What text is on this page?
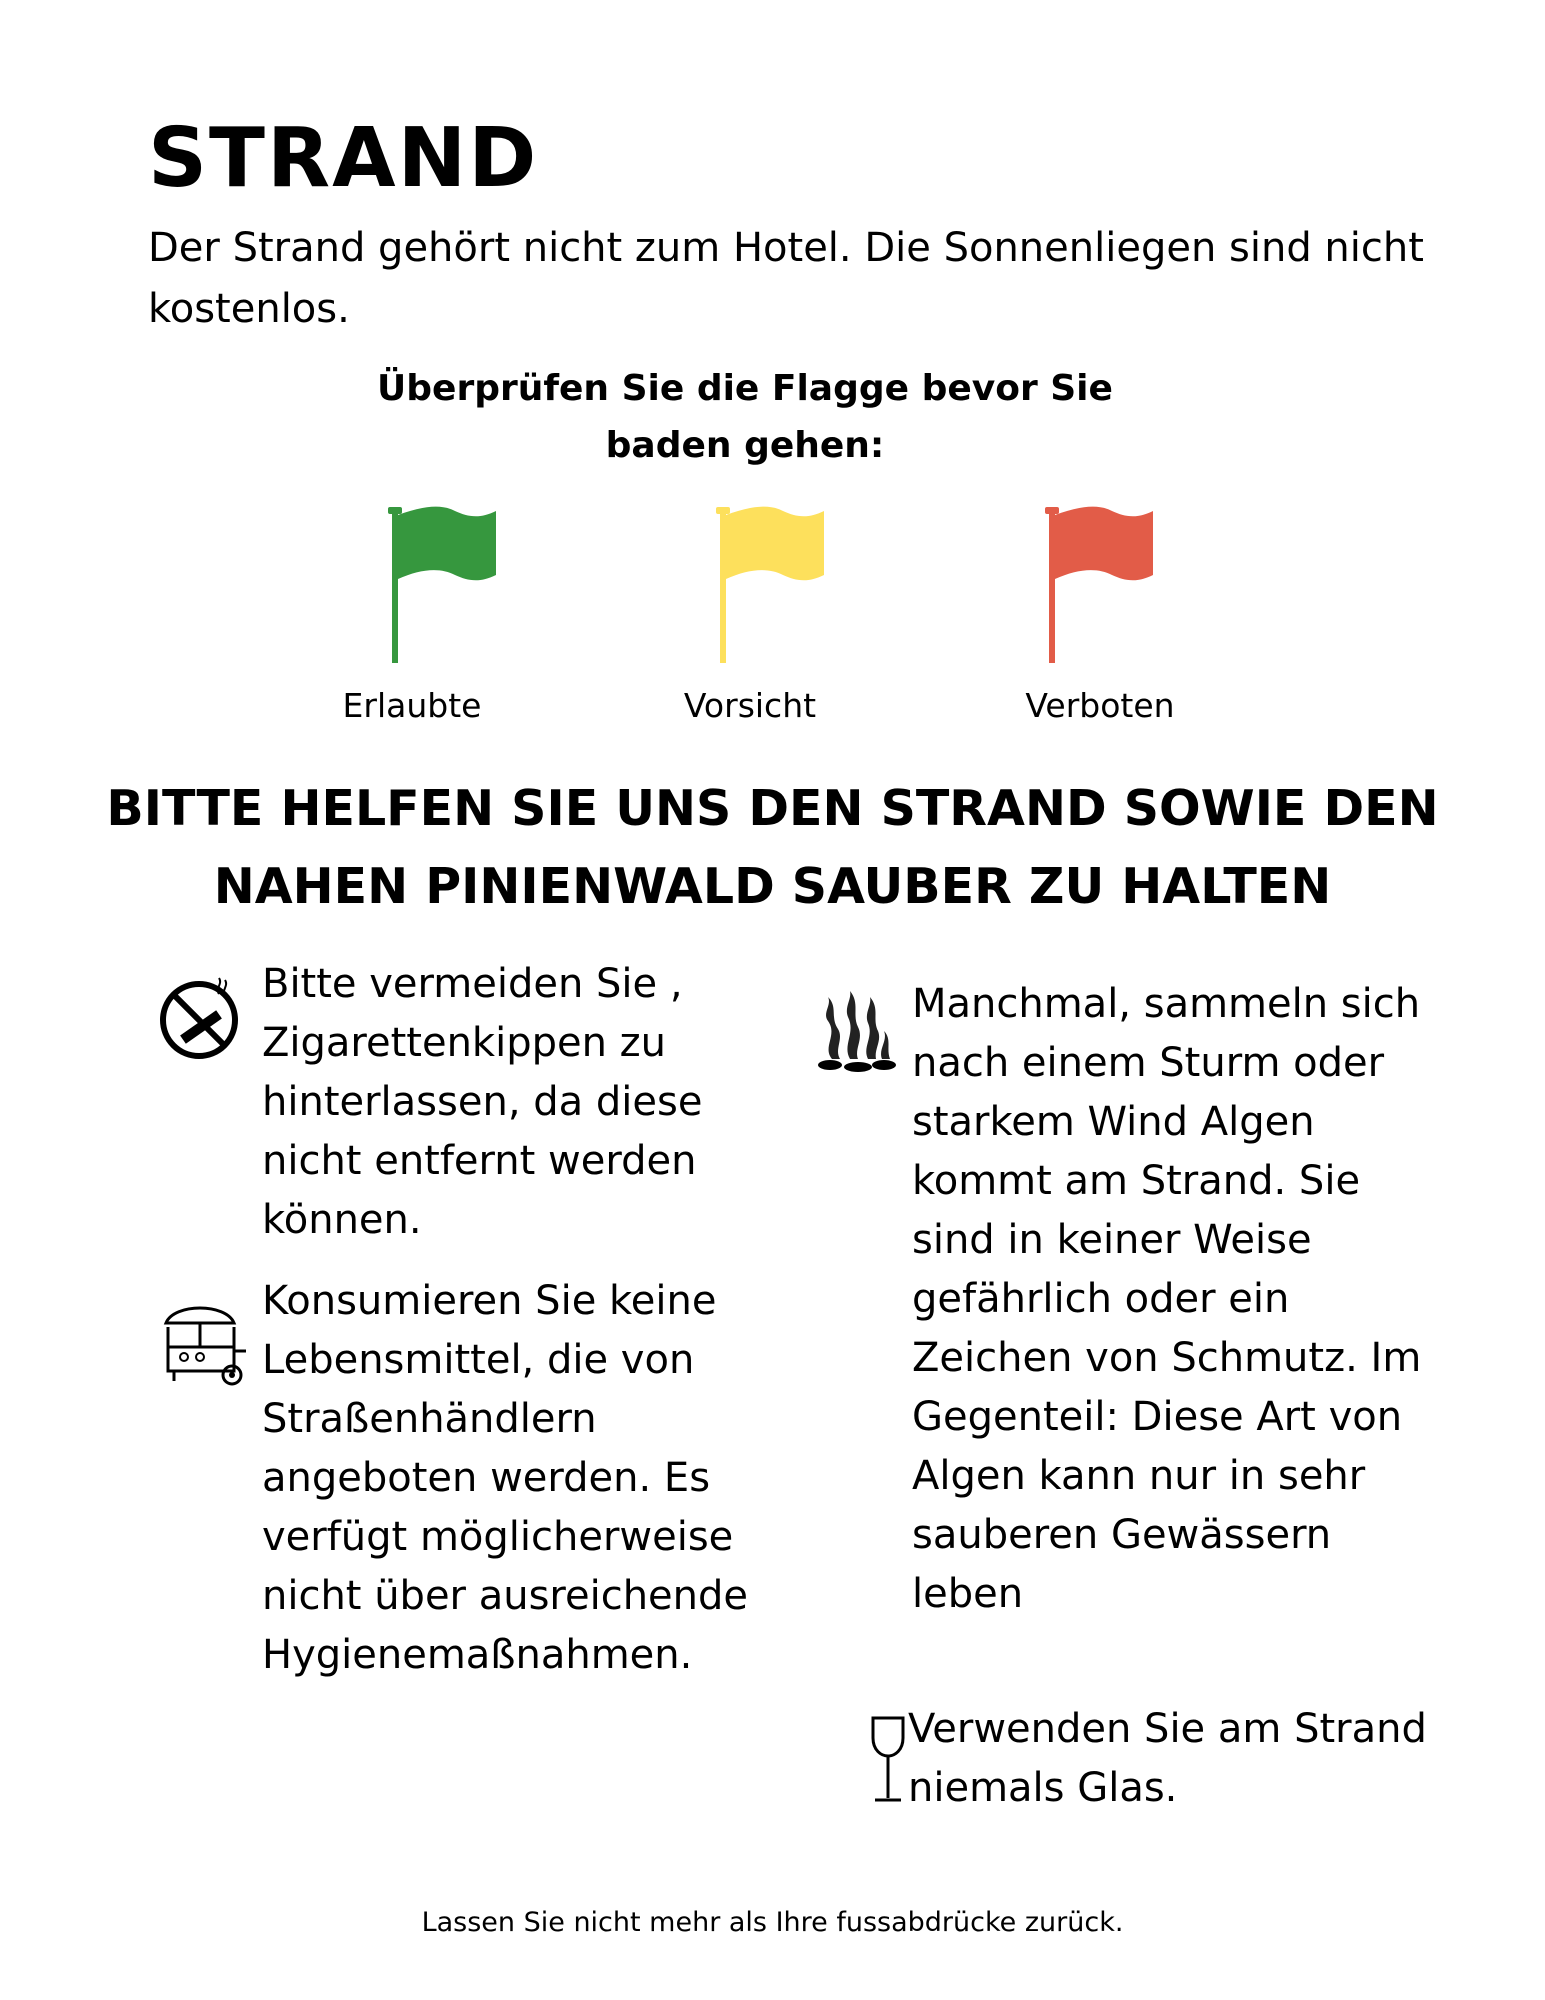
STRAND
Der Strand gehört nicht zum Hotel. Die Sonnenliegen sind nicht kostenlos.
Überprüfen Sie die Flagge bevor Sie baden gehen:
Erlaubte	Vorsicht	Verboten
BITTE HELFEN SIE UNS DEN STRAND SOWIE DEN NAHEN PINIENWALD SAUBER ZU HALTEN
Bitte vermeiden Sie , Zigarettenkippen zu hinterlassen, da diese nicht entfernt werden können.
Konsumieren Sie keine Lebensmittel, die von Straßenhändlern angeboten werden. Es verfügt möglicherweise nicht über ausreichende Hygienemaßnahmen.
Manchmal, sammeln sich nach einem Sturm oder starkem Wind Algen kommt am Strand. Sie sind in keiner Weise gefährlich oder ein Zeichen von Schmutz. Im Gegenteil: Diese Art von Algen kann nur in sehr sauberen Gewässern leben
Verwenden Sie am Strand niemals Glas.
Lassen Sie nicht mehr als Ihre fussabdrücke zurück.
